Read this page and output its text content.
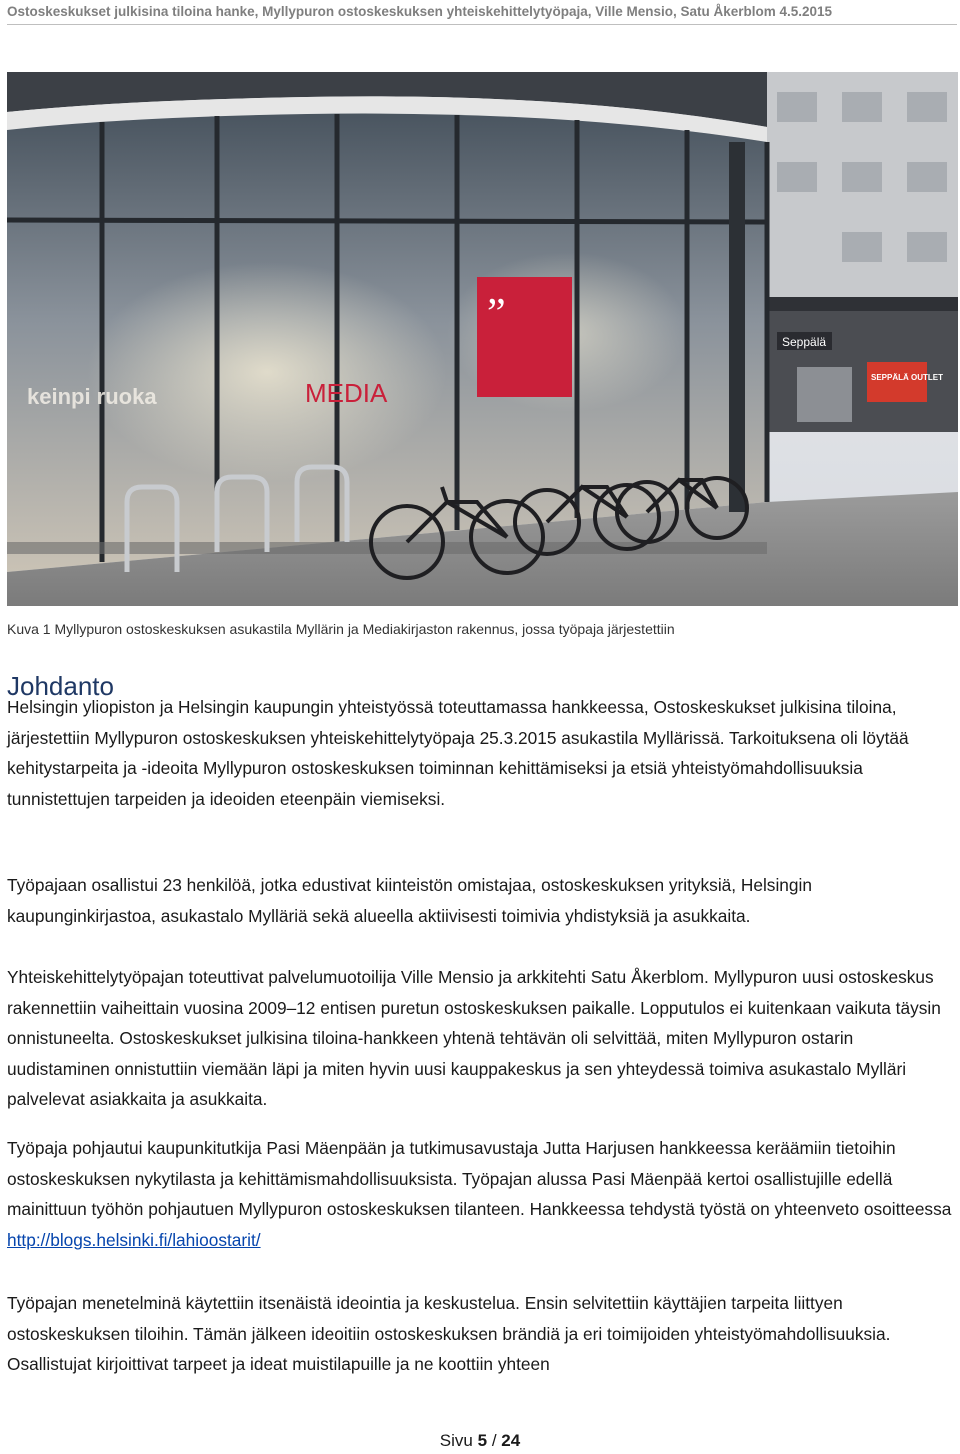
Ostoskeskukset julkisina tiloina hanke, Myllypuron ostoskeskuksen yhteiskehittelytyöpaja, Ville Mensio, Satu Åkerblom 4.5.2015
Seppälä
SEPPÄLÄ OUTLET
”
MEDIA
keinpi ruoka
Kuva 1 Myllypuron ostoskeskuksen asukastila Myllärin ja Mediakirjaston rakennus, jossa työpaja järjestettiin
Johdanto

Helsingin yliopiston ja Helsingin kaupungin yhteistyössä toteuttamassa hankkeessa, Ostoskeskukset julkisina tiloina, järjestettiin Myllypuron ostoskeskuksen yhteiskehittelytyöpaja 25.3.2015 asukastila Myllärissä. Tarkoituksena oli löytää kehitystarpeita ja -ideoita Myllypuron ostoskeskuksen toiminnan kehittämiseksi ja etsiä yhteistyömahdollisuuksia tunnistettujen tarpeiden ja ideoiden eteenpäin viemiseksi.

Työpajaan osallistui 23 henkilöä, jotka edustivat kiinteistön omistajaa, ostoskeskuksen yrityksiä, Helsingin kaupunginkirjastoa, asukastalo Mylläriä sekä alueella aktiivisesti toimivia yhdistyksiä ja asukkaita.

Yhteiskehittelytyöpajan toteuttivat palvelumuotoilija Ville Mensio ja arkkitehti Satu Åkerblom. Myllypuron uusi ostoskeskus rakennettiin vaiheittain vuosina 2009–12 entisen puretun ostoskeskuksen paikalle. Lopputulos ei kuitenkaan vaikuta täysin onnistuneelta. Ostoskeskukset julkisina tiloina-hankkeen yhtenä tehtävän oli selvittää, miten Myllypuron ostarin uudistaminen onnistuttiin viemään läpi ja miten hyvin uusi kauppakeskus ja sen yhteydessä toimiva asukastalo Mylläri palvelevat asiakkaita ja asukkaita.

Työpaja pohjautui kaupunkitutkija Pasi Mäenpään ja tutkimusavustaja Jutta Harjusen hankkeessa keräämiin tietoihin ostoskeskuksen nykytilasta ja kehittämismahdollisuuksista. Työpajan alussa Pasi Mäenpää kertoi osallistujille edellä mainittuun työhön pohjautuen Myllypuron ostoskeskuksen tilanteen. Hankkeessa tehdystä työstä on yhteenveto osoitteessa http://blogs.helsinki.fi/lahioostarit/

Työpajan menetelminä käytettiin itsenäistä ideointia ja keskustelua. Ensin selvitettiin käyttäjien tarpeita liittyen ostoskeskuksen tiloihin. Tämän jälkeen ideoitiin ostoskeskuksen brändiä ja eri toimijoiden yhteistyömahdollisuuksia. Osallistujat kirjoittivat tarpeet ja ideat muistilapuille ja ne koottiin yhteen

Sivu 5 / 24
